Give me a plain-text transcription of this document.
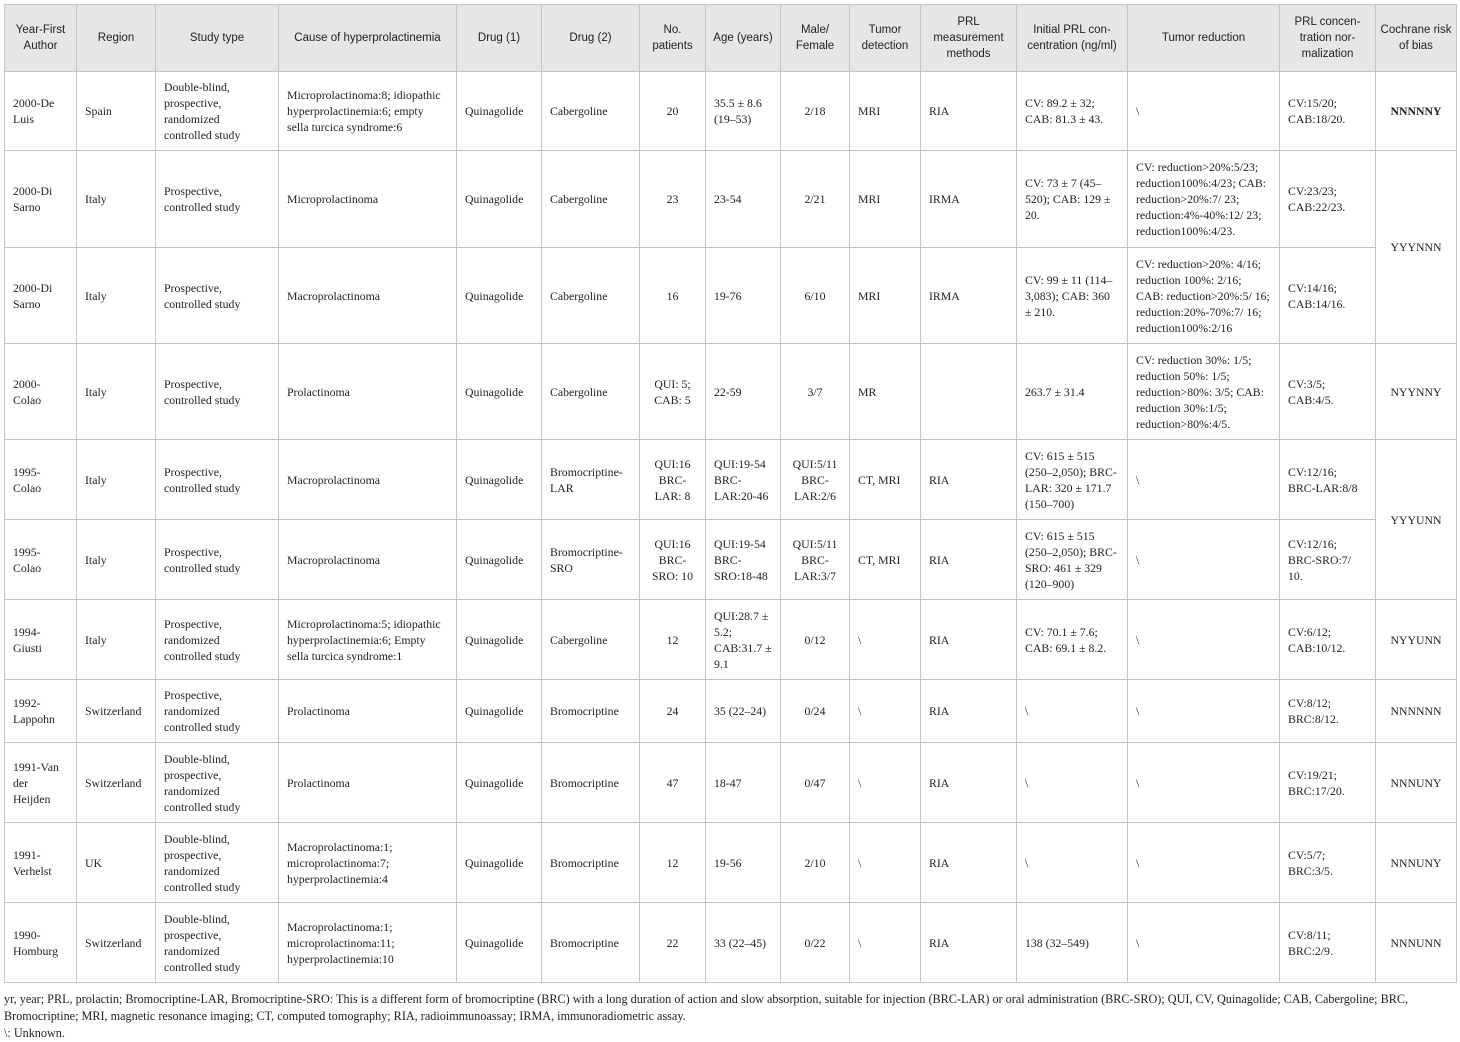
Year-First Author	Region	Study type	Cause of hyperprolactinemia	Drug (1)	Drug (2)	No. patients	Age (years)	Male/ Female	Tumor detection	PRL measurement methods	Initial PRL con-centration (ng/ml)	Tumor reduction	PRL concen-tration nor-malization	Cochrane risk of bias
2000-De Luis	Spain	Double-blind, prospective, randomized controlled study	Microprolactinoma:8; idiopathic hyperprolactinemia:6; empty sella turcica syndrome:6	Quinagolide	Cabergoline	20	35.5 ± 8.6 (19–53)	2/18	MRI	RIA	CV: 89.2 ± 32; CAB: 81.3 ± 43.	\	CV:15/20; CAB:18/20.	NNNNNY
2000-Di Sarno	Italy	Prospective, controlled study	Microprolactinoma	Quinagolide	Cabergoline	23	23-54	2/21	MRI	IRMA	CV: 73 ± 7 (45–520); CAB: 129 ± 20.	CV: reduction>20%:5/23; reduction100%:4/23; CAB: reduction>20%:7/ 23; reduction:4%-40%:12/ 23; reduction100%:4/23.	CV:23/23; CAB:22/23.	YYYNNN
2000-Di Sarno	Italy	Prospective, controlled study	Macroprolactinoma	Quinagolide	Cabergoline	16	19-76	6/10	MRI	IRMA	CV: 99 ± 11 (114–3,083); CAB: 360 ± 210.	CV: reduction>20%: 4/16; reduction 100%: 2/16; CAB: reduction>20%:5/ 16; reduction:20%-70%:7/ 16; reduction100%:2/16	CV:14/16; CAB:14/16.	
2000-Colao	Italy	Prospective, controlled study	Prolactinoma	Quinagolide	Cabergoline	QUI: 5; CAB: 5	22-59	3/7	MR		263.7 ± 31.4	CV: reduction 30%: 1/5; reduction 50%: 1/5; reduction>80%: 3/5; CAB: reduction 30%:1/5; reduction>80%:4/5.	CV:3/5; CAB:4/5.	NYYNNY
1995-Colao	Italy	Prospective, controlled study	Macroprolactinoma	Quinagolide	Bromocriptine-LAR	QUI:16 BRC-LAR: 8	QUI:19-54 BRC-LAR:20-46	QUI:5/11 BRC-LAR:2/6	CT, MRI	RIA	CV: 615 ± 515 (250–2,050); BRC-LAR: 320 ± 171.7 (150–700)	\	CV:12/16; BRC-LAR:8/8	YYYUNN
1995-Colao	Italy	Prospective, controlled study	Macroprolactinoma	Quinagolide	Bromocriptine-SRO	QUI:16 BRC-SRO: 10	QUI:19-54 BRC-SRO:18-48	QUI:5/11 BRC-LAR:3/7	CT, MRI	RIA	CV: 615 ± 515 (250–2,050); BRC-SRO: 461 ± 329 (120–900)	\	CV:12/16; BRC-SRO:7/ 10.	
1994-Giusti	Italy	Prospective, randomized controlled study	Microprolactinoma:5; idiopathic hyperprolactinemia:6; Empty sella turcica syndrome:1	Quinagolide	Cabergoline	12	QUI:28.7 ± 5.2; CAB:31.7 ± 9.1	0/12	\	RIA	CV: 70.1 ± 7.6; CAB: 69.1 ± 8.2.	\	CV:6/12; CAB:10/12.	NYYUNN
1992-Lappohn	Switzerland	Prospective, randomized controlled study	Prolactinoma	Quinagolide	Bromocriptine	24	35 (22–24)	0/24	\	RIA	\	\	CV:8/12; BRC:8/12.	NNNNNN
1991-Van der Heijden	Switzerland	Double-blind, prospective, randomized controlled study	Prolactinoma	Quinagolide	Bromocriptine	47	18-47	0/47	\	RIA	\	\	CV:19/21; BRC:17/20.	NNNUNY
1991-Verhelst	UK	Double-blind, prospective, randomized controlled study	Macroprolactinoma:1; microprolactinoma:7; hyperprolactinemia:4	Quinagolide	Bromocriptine	12	19-56	2/10	\	RIA	\	\	CV:5/7; BRC:3/5.	NNNUNY
1990-Homburg	Switzerland	Double-blind, prospective, randomized controlled study	Macroprolactinoma:1; microprolactinoma:11; hyperprolactinemia:10	Quinagolide	Bromocriptine	22	33 (22–45)	0/22	\	RIA	138 (32–549)	\	CV:8/11; BRC:2/9.	NNNUNN

yr, year; PRL, prolactin; Bromocriptine-LAR, Bromocriptine-SRO: This is a different form of bromocriptine (BRC) with a long duration of action and slow absorption, suitable for injection (BRC-LAR) or oral administration (BRC-SRO); QUI, CV, Quinagolide; CAB, Cabergoline; BRC, Bromocriptine; MRI, magnetic resonance imaging; CT, computed tomography; RIA, radioimmunoassay; IRMA, immunoradiometric assay.

\: Unknown.
